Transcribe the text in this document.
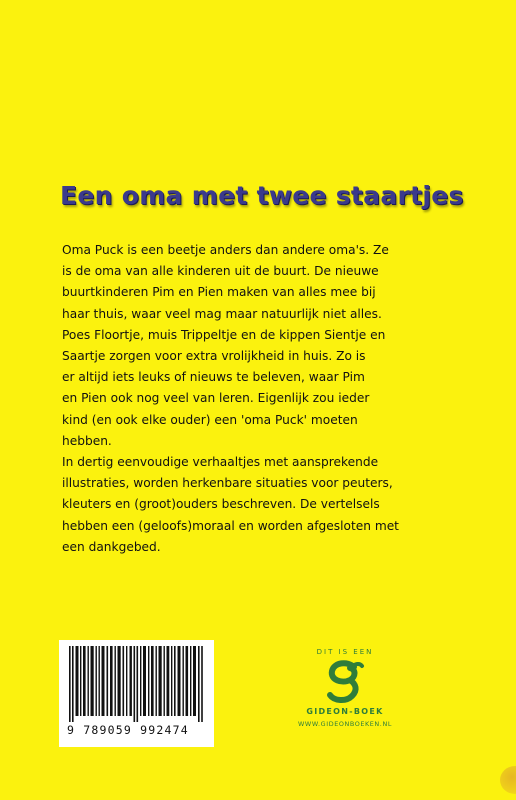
Een oma met twee staartjes

Oma Puck is een beetje anders dan andere oma's. Ze
is de oma van alle kinderen uit de buurt. De nieuwe
buurtkinderen Pim en Pien maken van alles mee bij
haar thuis, waar veel mag maar natuurlijk niet alles.
Poes Floortje, muis Trippeltje en de kippen Sientje en
Saartje zorgen voor extra vrolijkheid in huis. Zo is
er altijd iets leuks of nieuws te beleven, waar Pim
en Pien ook nog veel van leren. Eigenlijk zou ieder
kind (en ook elke ouder) een 'oma Puck' moeten
hebben.

In dertig eenvoudige verhaaltjes met aansprekende
illustraties, worden herkenbare situaties voor peuters,
kleuters en (groot)ouders beschreven. De vertelsels
hebben een (geloofs)moraal en worden afgesloten met
een dankgebed.

9 789059 992474
DIT IS EEN
GIDEON-BOEK
WWW.GIDEONBOEKEN.NL
